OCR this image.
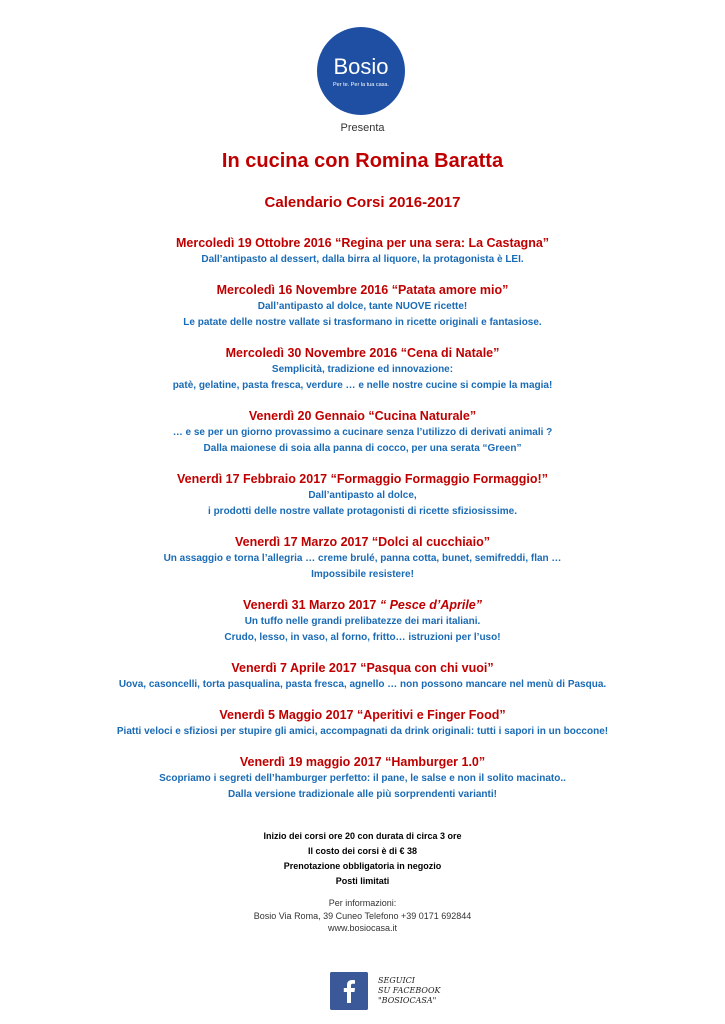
Bosio
Per te. Per la tua casa.
Presenta
In cucina con Romina Baratta
Calendario Corsi 2016-2017
Mercoledì 19 Ottobre 2016 “Regina per una sera: La Castagna”
Dall’antipasto al dessert, dalla birra al liquore, la protagonista è LEI.
Mercoledì 16 Novembre 2016 “Patata amore mio”
Dall’antipasto al dolce, tante NUOVE ricette!
Le patate delle nostre vallate si trasformano in ricette originali e fantasiose.
Mercoledì 30 Novembre 2016 “Cena di Natale”
Semplicità, tradizione ed innovazione:
patè, gelatine, pasta fresca, verdure … e nelle nostre cucine si compie la magia!
Venerdì 20 Gennaio “Cucina Naturale”
… e se per un giorno provassimo a cucinare senza l’utilizzo di derivati animali ?
Dalla maionese di soia alla panna di cocco, per una serata “Green”
Venerdì 17 Febbraio 2017 “Formaggio Formaggio Formaggio!”
Dall’antipasto al dolce,
i prodotti delle nostre vallate protagonisti di ricette sfiziosissime.
Venerdì 17 Marzo 2017 “Dolci al cucchiaio”
Un assaggio e torna l’allegria … creme brulé, panna cotta, bunet, semifreddi, flan …
Impossibile resistere!
Venerdì 31 Marzo 2017 “ Pesce d’Aprile”
Un tuffo nelle grandi prelibatezze dei mari italiani.
Crudo, lesso, in vaso, al forno, fritto… istruzioni per l’uso!
Venerdì 7 Aprile 2017 “Pasqua con chi vuoi”
Uova, casoncelli, torta pasqualina, pasta fresca, agnello … non possono mancare nel menù di Pasqua.
Venerdì 5 Maggio 2017 “Aperitivi e Finger Food”
Piatti veloci e sfiziosi per stupire gli amici, accompagnati da drink originali: tutti i sapori in un boccone!
Venerdì 19 maggio 2017 “Hamburger 1.0”
Scopriamo i segreti dell’hamburger perfetto: il pane, le salse e non il solito macinato..
Dalla versione tradizionale alle più sorprendenti varianti!
Inizio dei corsi ore 20 con durata di circa 3 ore
Il costo dei corsi è di € 38
Prenotazione obbligatoria in negozio
Posti limitati
Per informazioni:
Bosio Via Roma, 39 Cuneo Telefono +39 0171 692844
www.bosiocasa.it
SEGUICI
SU FACEBOOK
"BOSIOCASA"
